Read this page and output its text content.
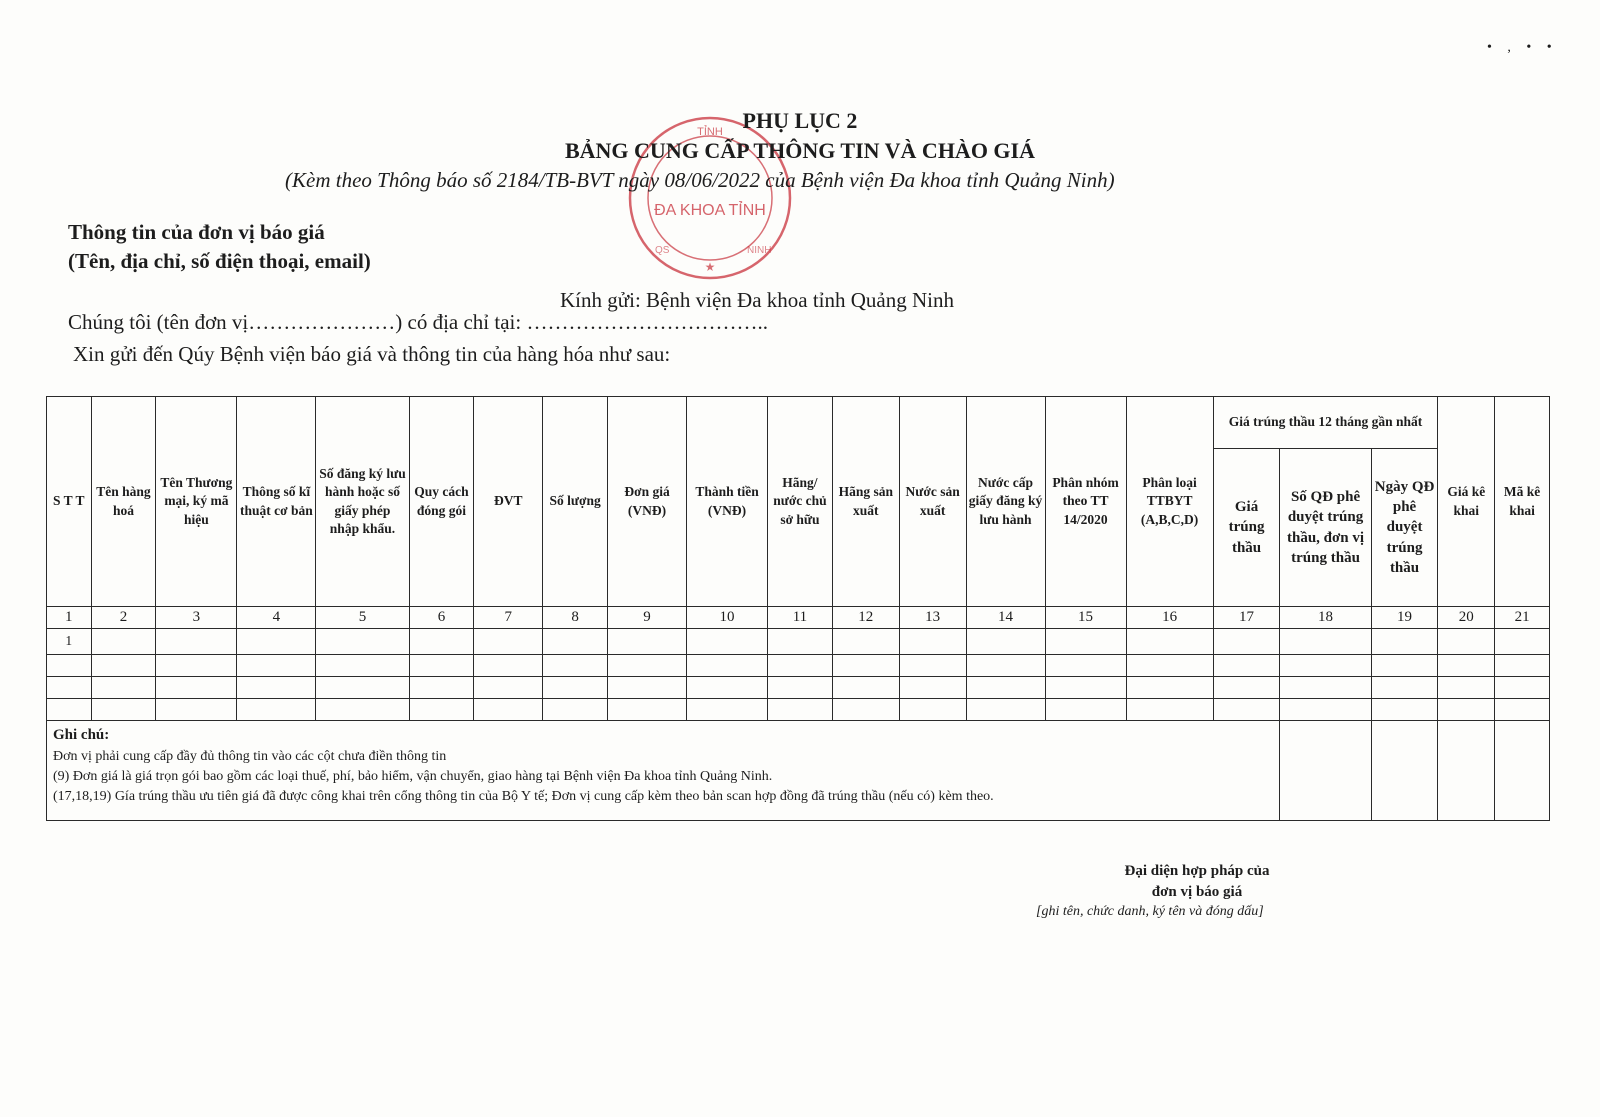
• , • •
TỈNH
ĐA KHOA TỈNH
★
QS	NINH
PHỤ LỤC 2
BẢNG CUNG CẤP THÔNG TIN VÀ CHÀO GIÁ
(Kèm theo Thông báo số 2184/TB-BVT ngày 08/06/2022 của Bệnh viện Đa khoa tỉnh Quảng Ninh)
Thông tin của đơn vị báo giá
(Tên, địa chỉ, số điện thoại, email)
Kính gửi: Bệnh viện Đa khoa tỉnh Quảng Ninh
Chúng tôi (tên đơn vị…………………) có địa chỉ tại: ……………………………..
Xin gửi đến Qúy Bệnh viện báo giá và thông tin của hàng hóa như sau:
S T T	Tên hàng hoá	Tên Thương mại, ký mã hiệu	Thông số kĩ thuật cơ bản	Số đăng ký lưu hành hoặc số giấy phép nhập khẩu.	Quy cách đóng gói	ĐVT	Số lượng	Đơn giá (VNĐ)	Thành tiền (VNĐ)	Hãng/ nước chủ sở hữu	Hãng sản xuất	Nước sản xuất	Nước cấp giấy đăng ký lưu hành	Phân nhóm theo TT 14/2020	Phân loại TTBYT (A,B,C,D)	Giá trúng thầu 12 tháng gần nhất			Giá kê khai	Mã kê khai
																Giá trúng thầu	Số QĐ phê duyệt trúng thầu, đơn vị trúng thầu	Ngày QĐ phê duyệt trúng thầu		
1	2	3	4	5	6	7	8	9	10	11	12	13	14	15	16	17	18	19	20	21
1																				

Ghi chú:
Đơn vị phải cung cấp đầy đủ thông tin vào các cột chưa điền thông tin
(9) Đơn giá là giá trọn gói bao gồm các loại thuế, phí, bảo hiểm, vận chuyển, giao hàng tại Bệnh viện Đa khoa tỉnh Quảng Ninh.
(17,18,19) Gía trúng thầu ưu tiên giá đã được công khai trên cổng thông tin của Bộ Y tế; Đơn vị cung cấp kèm theo bản scan hợp đồng đã trúng thầu (nếu có) kèm theo.																				

Đại diện hợp pháp của
đơn vị báo giá
[ghi tên, chức danh, ký tên và đóng dấu]
